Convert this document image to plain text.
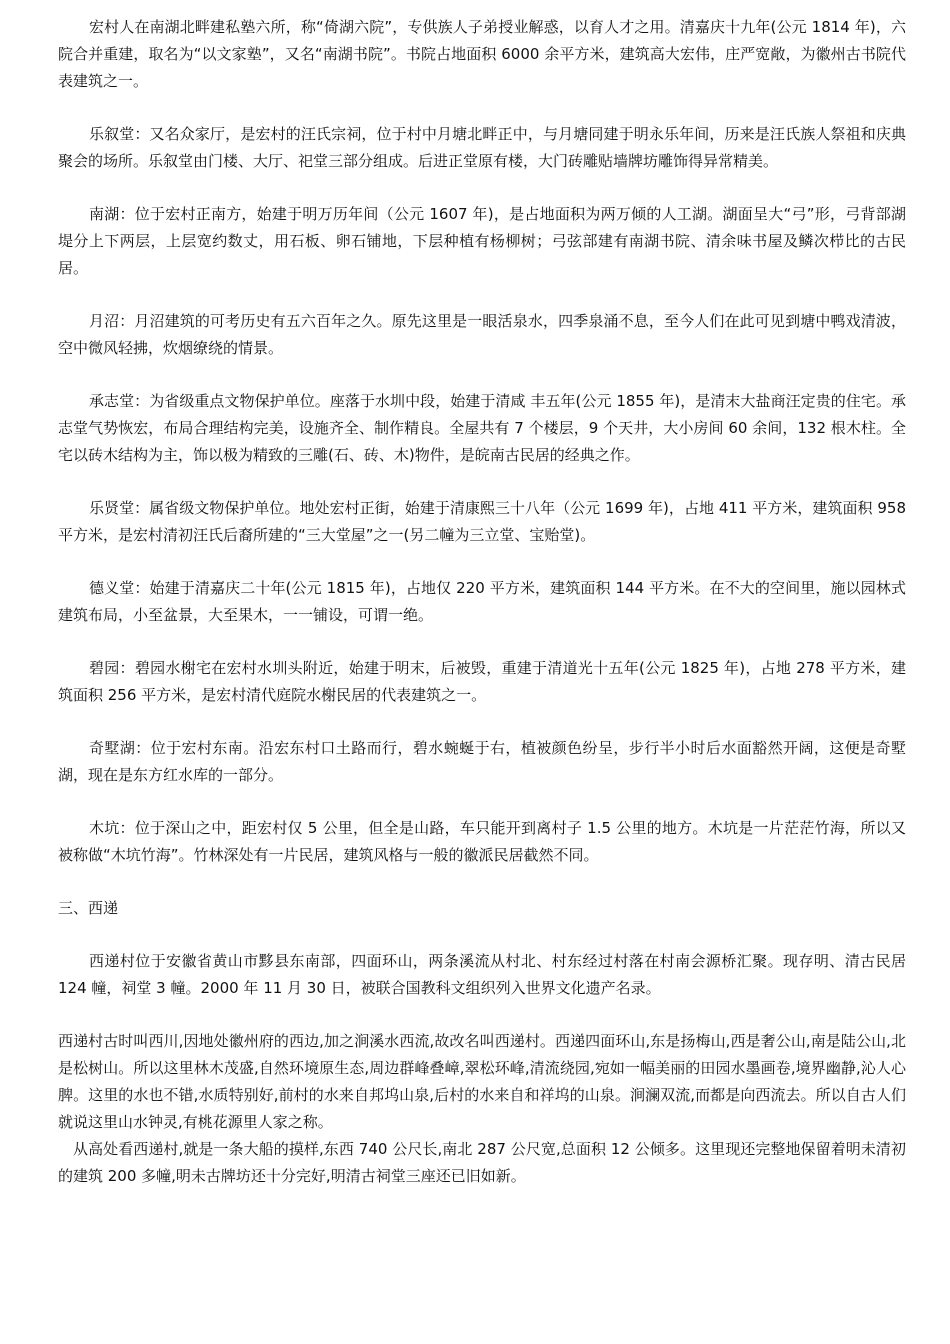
宏村人在南湖北畔建私塾六所，称“倚湖六院”，专供族人子弟授业解惑，以育人才之用。清嘉庆十九年(公元 1814 年)，六院合并重建，取名为“以文家塾”，又名“南湖书院”。书院占地面积 6000 余平方米，建筑高大宏伟，庄严宽敞，为徽州古书院代表建筑之一。

乐叙堂：又名众家厅，是宏村的汪氏宗祠，位于村中月塘北畔正中，与月塘同建于明永乐年间，历来是汪氏族人祭祖和庆典聚会的场所。乐叙堂由门楼、大厅、祀堂三部分组成。后进正堂原有楼，大门砖雕贴墙牌坊雕饰得异常精美。

南湖：位于宏村正南方，始建于明万历年间（公元 1607 年)，是占地面积为两万倾的人工湖。湖面呈大“弓”形，弓背部湖堤分上下两层，上层宽约数丈，用石板、卵石铺地，下层种植有杨柳树；弓弦部建有南湖书院、清余味书屋及鳞次栉比的古民居。

月沼：月沼建筑的可考历史有五六百年之久。原先这里是一眼活泉水，四季泉涌不息，至今人们在此可见到塘中鸭戏清波，空中微风轻拂，炊烟缭绕的情景。

承志堂：为省级重点文物保护单位。座落于水圳中段，始建于清咸 丰五年(公元 1855 年)，是清末大盐商汪定贵的住宅。承志堂气势恢宏，布局合理结构完美，设施齐全、制作精良。全屋共有 7 个楼层，9 个天井，大小房间 60 余间，132 根木柱。全宅以砖木结构为主，饰以极为精致的三雕(石、砖、木)物件，是皖南古民居的经典之作。

乐贤堂：属省级文物保护单位。地处宏村正街，始建于清康熙三十八年（公元 1699 年)，占地 411 平方米，建筑面积 958 平方米，是宏村清初汪氏后裔所建的“三大堂屋”之一(另二幢为三立堂、宝贻堂)。

德义堂：始建于清嘉庆二十年(公元 1815 年)，占地仅 220 平方米，建筑面积 144 平方米。在不大的空间里，施以园林式建筑布局，小至盆景，大至果木，一一铺设，可谓一绝。

碧园：碧园水榭宅在宏村水圳头附近，始建于明末，后被毁，重建于清道光十五年(公元 1825 年)，占地 278 平方米，建筑面积 256 平方米，是宏村清代庭院水榭民居的代表建筑之一。

奇墅湖：位于宏村东南。沿宏东村口土路而行，碧水蜿蜒于右，植被颜色纷呈，步行半小时后水面豁然开阔，这便是奇墅湖，现在是东方红水库的一部分。

木坑：位于深山之中，距宏村仅 5 公里，但全是山路，车只能开到离村子 1.5 公里的地方。木坑是一片茫茫竹海，所以又被称做“木坑竹海”。竹林深处有一片民居，建筑风格与一般的徽派民居截然不同。

三、西递

西递村位于安徽省黄山市黟县东南部，四面环山，两条溪流从村北、村东经过村落在村南会源桥汇聚。现存明、清古民居 124 幢，祠堂 3 幢。2000 年 11 月 30 日，被联合国教科文组织列入世界文化遗产名录。

西递村古时叫西川,因地处徽州府的西边,加之涧溪水西流,故改名叫西递村。西递四面环山,东是扬梅山,西是奢公山,南是陆公山,北是松树山。所以这里林木茂盛,自然环境原生态,周边群峰叠嶂,翠松环峰,清流绕园,宛如一幅美丽的田园水墨画卷,境界幽静,沁人心脾。这里的水也不错,水质特别好,前村的水来自邦坞山泉,后村的水来自和祥坞的山泉。涧澜双流,而都是向西流去。所以自古人们就说这里山水钟灵,有桃花源里人家之称。

从高处看西递村,就是一条大船的摸样,东西 740 公尺长,南北 287 公尺宽,总面积 12 公倾多。这里现还完整地保留着明未清初的建筑 200 多幢,明未古牌坊还十分完好,明清古祠堂三座还已旧如新。
